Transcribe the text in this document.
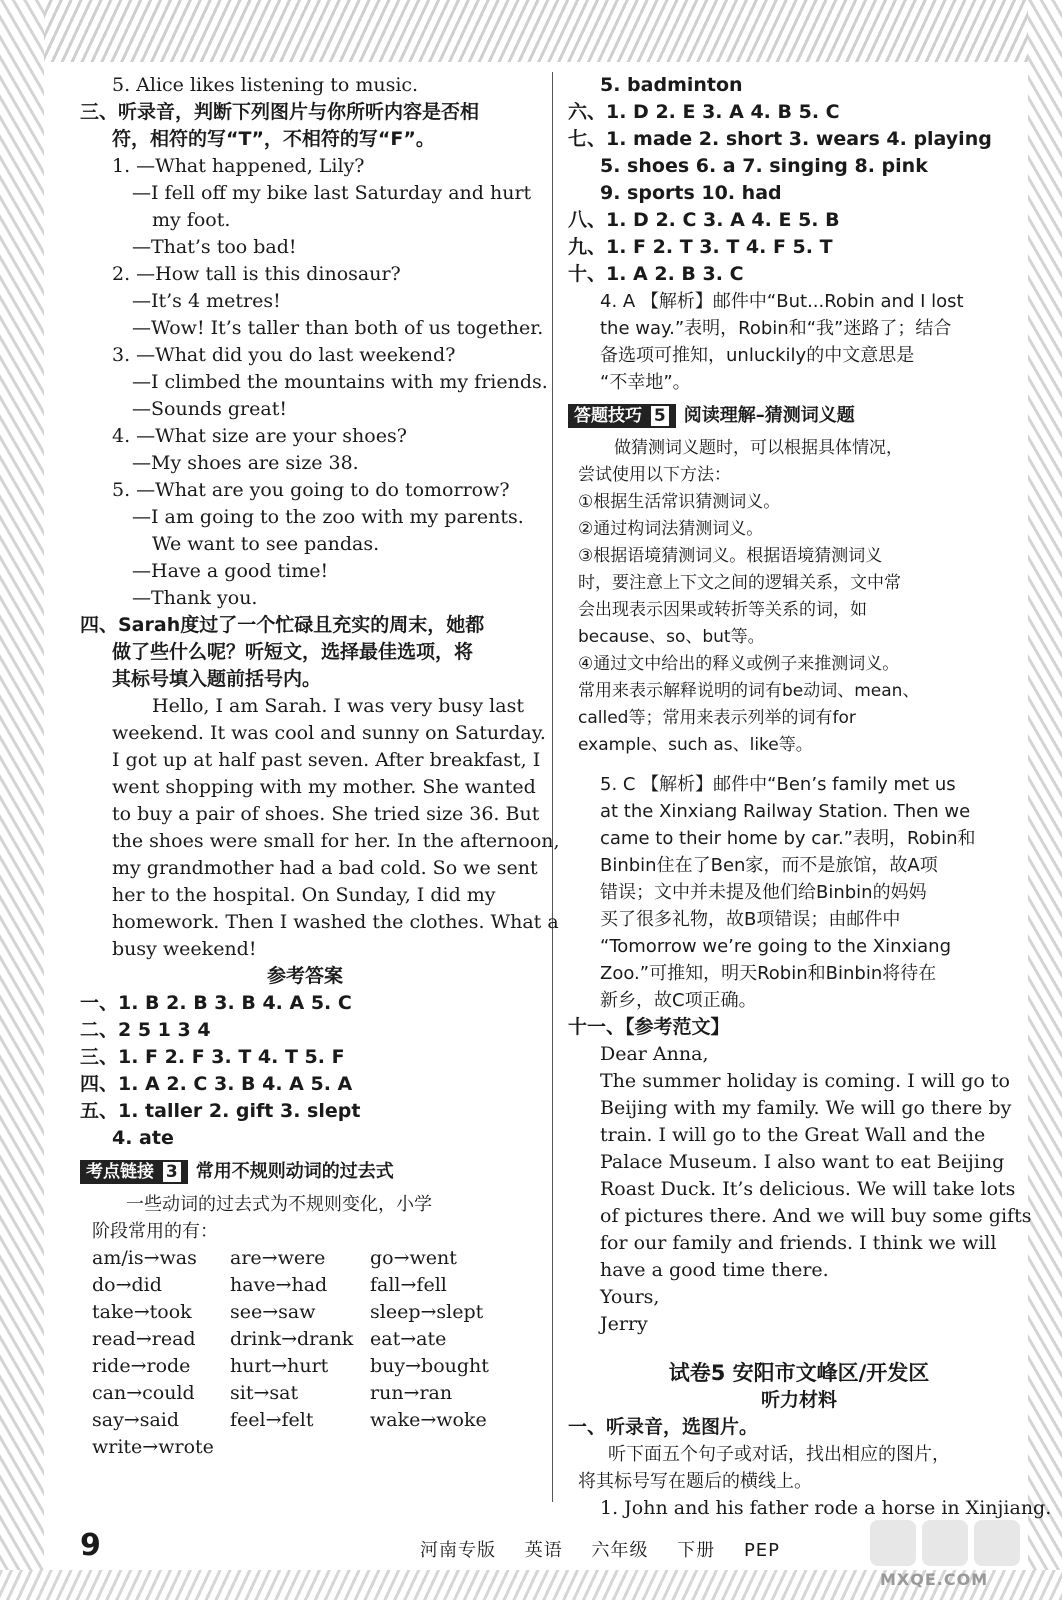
5. Alice likes listening to music.
三、听录音，判断下列图片与你所听内容是否相
符，相符的写“T”，不相符的写“F”。
1. —What happened, Lily?
—I fell off my bike last Saturday and hurt
my foot.
—That’s too bad!
2. —How tall is this dinosaur?
—It’s 4 metres!
—Wow! It’s taller than both of us together.
3. —What did you do last weekend?
—I climbed the mountains with my friends.
—Sounds great!
4. —What size are your shoes?
—My shoes are size 38.
5. —What are you going to do tomorrow?
—I am going to the zoo with my parents.
We want to see pandas.
—Have a good time!
—Thank you.
四、Sarah度过了一个忙碌且充实的周末，她都
做了些什么呢？听短文，选择最佳选项，将
其标号填入题前括号内。
Hello, I am Sarah. I was very busy last
weekend. It was cool and sunny on Saturday.
I got up at half past seven. After breakfast, I
went shopping with my mother. She wanted
to buy a pair of shoes. She tried size 36. But
the shoes were small for her. In the afternoon,
my grandmother had a bad cold. So we sent
her to the hospital. On Sunday, I did my
homework. Then I washed the clothes. What a
busy weekend!
参考答案
一、1. B 2. B 3. B 4. A 5. C
二、2 5 1 3 4
三、1. F 2. F 3. T 4. T 5. F
四、1. A 2. C 3. B 4. A 5. A
五、1. taller 2. gift 3. slept
4. ate
考点链接 3	常用不规则动词的过去式
一些动词的过去式为不规则变化，小学
阶段常用的有：
am/is→was	are→were	go→went
do→did	have→had	fall→fell
take→took	see→saw	sleep→slept
read→read	drink→drank eat→ate
ride→rode	hurt→hurt	buy→bought
can→could	sit→sat	run→ran
say→said	feel→felt	wake→woke
write→wrote
5. badminton
六、1. D 2. E 3. A 4. B 5. C
七、1. made 2. short 3. wears 4. playing
5. shoes 6. a 7. singing 8. pink
9. sports 10. had
八、1. D 2. C 3. A 4. E 5. B
九、1. F 2. T 3. T 4. F 5. T
十、1. A 2. B 3. C
4. A 【解析】邮件中“But...Robin and I lost
the way.”表明，Robin和“我”迷路了；结合
备选项可推知，unluckily的中文意思是
“不幸地”。
答题技巧 5	阅读理解–猜测词义题
做猜测词义题时，可以根据具体情况，
尝试使用以下方法：
①根据生活常识猜测词义。
②通过构词法猜测词义。
③根据语境猜测词义。根据语境猜测词义
时，要注意上下文之间的逻辑关系，文中常
会出现表示因果或转折等关系的词，如
because、so、but等。
④通过文中给出的释义或例子来推测词义。
常用来表示解释说明的词有be动词、mean、
called等；常用来表示列举的词有for
example、such as、like等。
5. C 【解析】邮件中“Ben’s family met us
at the Xinxiang Railway Station. Then we
came to their home by car.”表明，Robin和
Binbin住在了Ben家，而不是旅馆，故A项
错误；文中并未提及他们给Binbin的妈妈
买了很多礼物，故B项错误；由邮件中
“Tomorrow we’re going to the Xinxiang
Zoo.”可推知，明天Robin和Binbin将待在
新乡，故C项正确。
十一、【参考范文】
Dear Anna,
The summer holiday is coming. I will go to
Beijing with my family. We will go there by
train. I will go to the Great Wall and the
Palace Museum. I also want to eat Beijing
Roast Duck. It’s delicious. We will take lots
of pictures there. And we will buy some gifts
for our family and friends. I think we will
have a good time there.
Yours,
Jerry
试卷5 安阳市文峰区/开发区
听力材料
一、听录音，选图片。
听下面五个句子或对话，找出相应的图片，
将其标号写在题后的横线上。
1. John and his father rode a horse in Xinjiang.
9	河南专版 英语 六年级 下册 PEP
MXQE.COM
